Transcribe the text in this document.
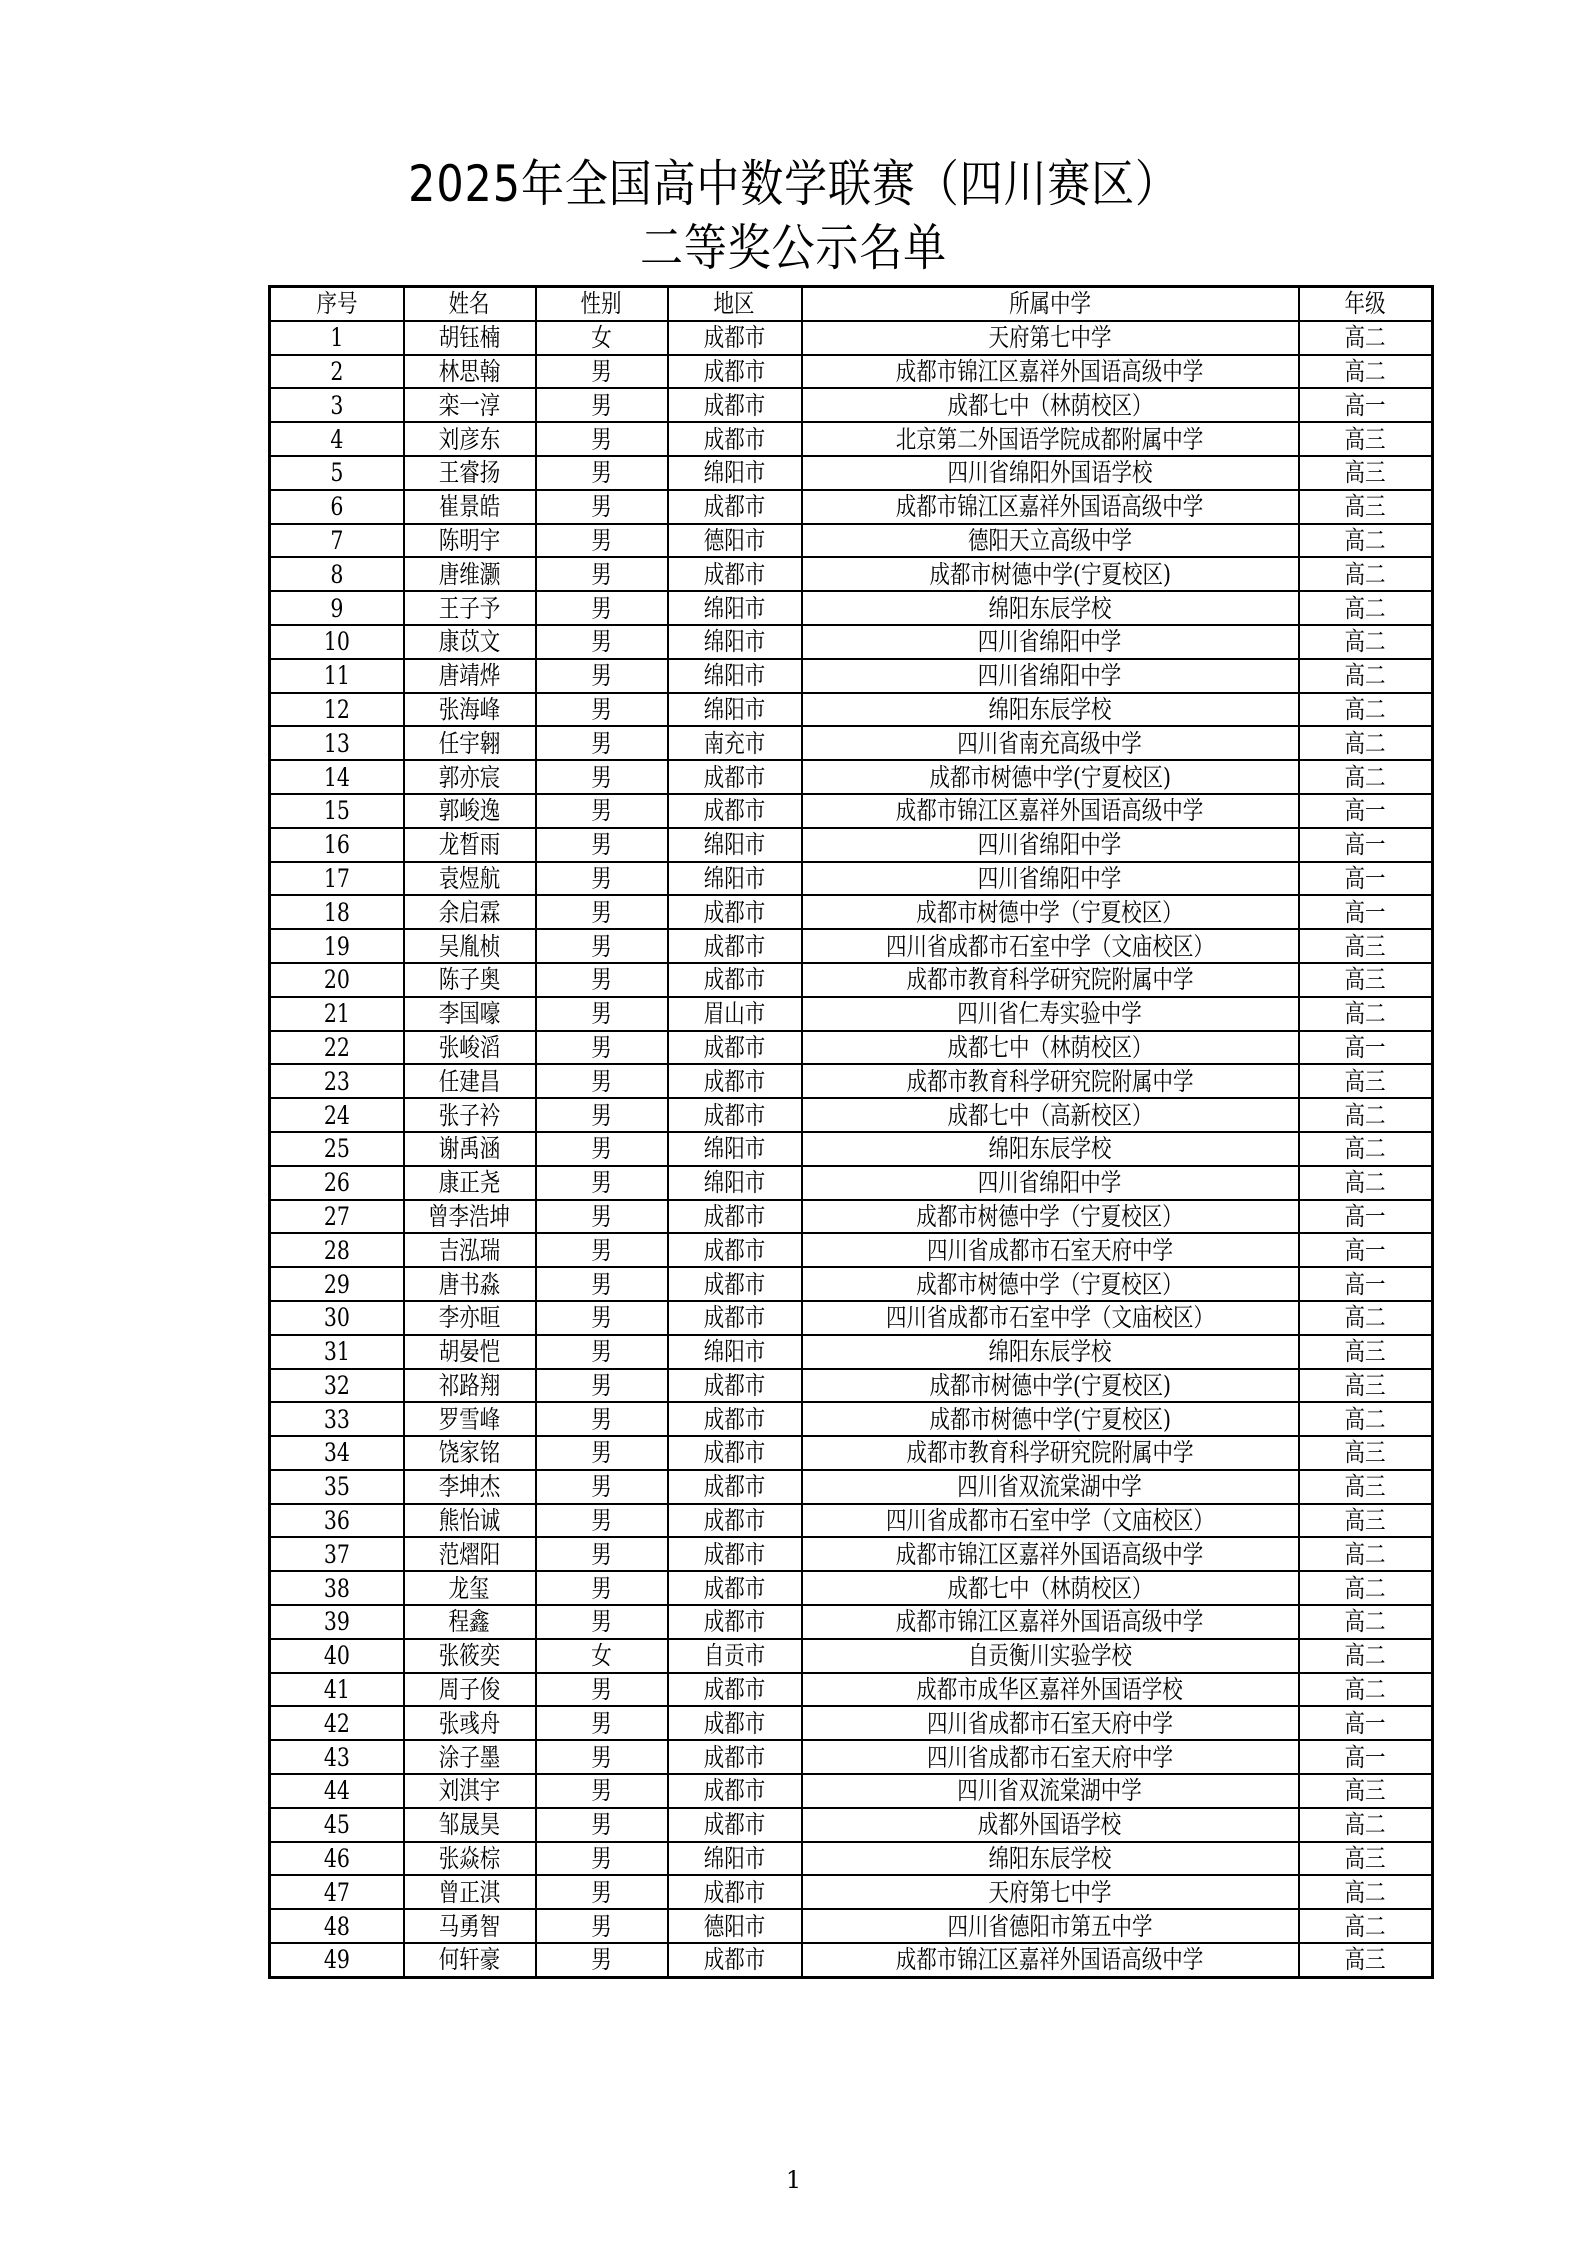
2025年全国高中数学联赛（四川赛区）
二等奖公示名单
序号	姓名	性别	地区	所属中学	年级
1	胡钰楠	女	成都市	天府第七中学	高二
2	林思翰	男	成都市	成都市锦江区嘉祥外国语高级中学	高二
3	栾一淳	男	成都市	成都七中（林荫校区）	高一
4	刘彦东	男	成都市	北京第二外国语学院成都附属中学	高三
5	王睿扬	男	绵阳市	四川省绵阳外国语学校	高三
6	崔景皓	男	成都市	成都市锦江区嘉祥外国语高级中学	高三
7	陈明宇	男	德阳市	德阳天立高级中学	高二
8	唐维灏	男	成都市	成都市树德中学(宁夏校区)	高二
9	王子予	男	绵阳市	绵阳东辰学校	高二
10	康苡文	男	绵阳市	四川省绵阳中学	高二
11	唐靖烨	男	绵阳市	四川省绵阳中学	高二
12	张海峰	男	绵阳市	绵阳东辰学校	高二
13	任宇翱	男	南充市	四川省南充高级中学	高二
14	郭亦宸	男	成都市	成都市树德中学(宁夏校区)	高二
15	郭峻逸	男	成都市	成都市锦江区嘉祥外国语高级中学	高一
16	龙晳雨	男	绵阳市	四川省绵阳中学	高一
17	袁煜航	男	绵阳市	四川省绵阳中学	高一
18	余启霖	男	成都市	成都市树德中学（宁夏校区）	高一
19	吴胤桢	男	成都市	四川省成都市石室中学（文庙校区）	高三
20	陈子奥	男	成都市	成都市教育科学研究院附属中学	高三
21	李国嚎	男	眉山市	四川省仁寿实验中学	高二
22	张峻滔	男	成都市	成都七中（林荫校区）	高一
23	任建昌	男	成都市	成都市教育科学研究院附属中学	高三
24	张子衿	男	成都市	成都七中（高新校区）	高二
25	谢禹涵	男	绵阳市	绵阳东辰学校	高二
26	康正尧	男	绵阳市	四川省绵阳中学	高二
27	曾李浩坤	男	成都市	成都市树德中学（宁夏校区）	高一
28	吉泓瑞	男	成都市	四川省成都市石室天府中学	高一
29	唐书淼	男	成都市	成都市树德中学（宁夏校区）	高一
30	李亦晅	男	成都市	四川省成都市石室中学（文庙校区）	高二
31	胡晏恺	男	绵阳市	绵阳东辰学校	高三
32	祁路翔	男	成都市	成都市树德中学(宁夏校区)	高三
33	罗雪峰	男	成都市	成都市树德中学(宁夏校区)	高二
34	饶家铭	男	成都市	成都市教育科学研究院附属中学	高三
35	李坤杰	男	成都市	四川省双流棠湖中学	高三
36	熊怡诚	男	成都市	四川省成都市石室中学（文庙校区）	高三
37	范熠阳	男	成都市	成都市锦江区嘉祥外国语高级中学	高二
38	龙玺	男	成都市	成都七中（林荫校区）	高二
39	程鑫	男	成都市	成都市锦江区嘉祥外国语高级中学	高二
40	张筱奕	女	自贡市	自贡衡川实验学校	高二
41	周子俊	男	成都市	成都市成华区嘉祥外国语学校	高二
42	张彧舟	男	成都市	四川省成都市石室天府中学	高一
43	涂子墨	男	成都市	四川省成都市石室天府中学	高一
44	刘淇宇	男	成都市	四川省双流棠湖中学	高三
45	邹晟昊	男	成都市	成都外国语学校	高二
46	张焱棕	男	绵阳市	绵阳东辰学校	高三
47	曾正淇	男	成都市	天府第七中学	高二
48	马勇智	男	德阳市	四川省德阳市第五中学	高二
49	何轩豪	男	成都市	成都市锦江区嘉祥外国语高级中学	高三
1
